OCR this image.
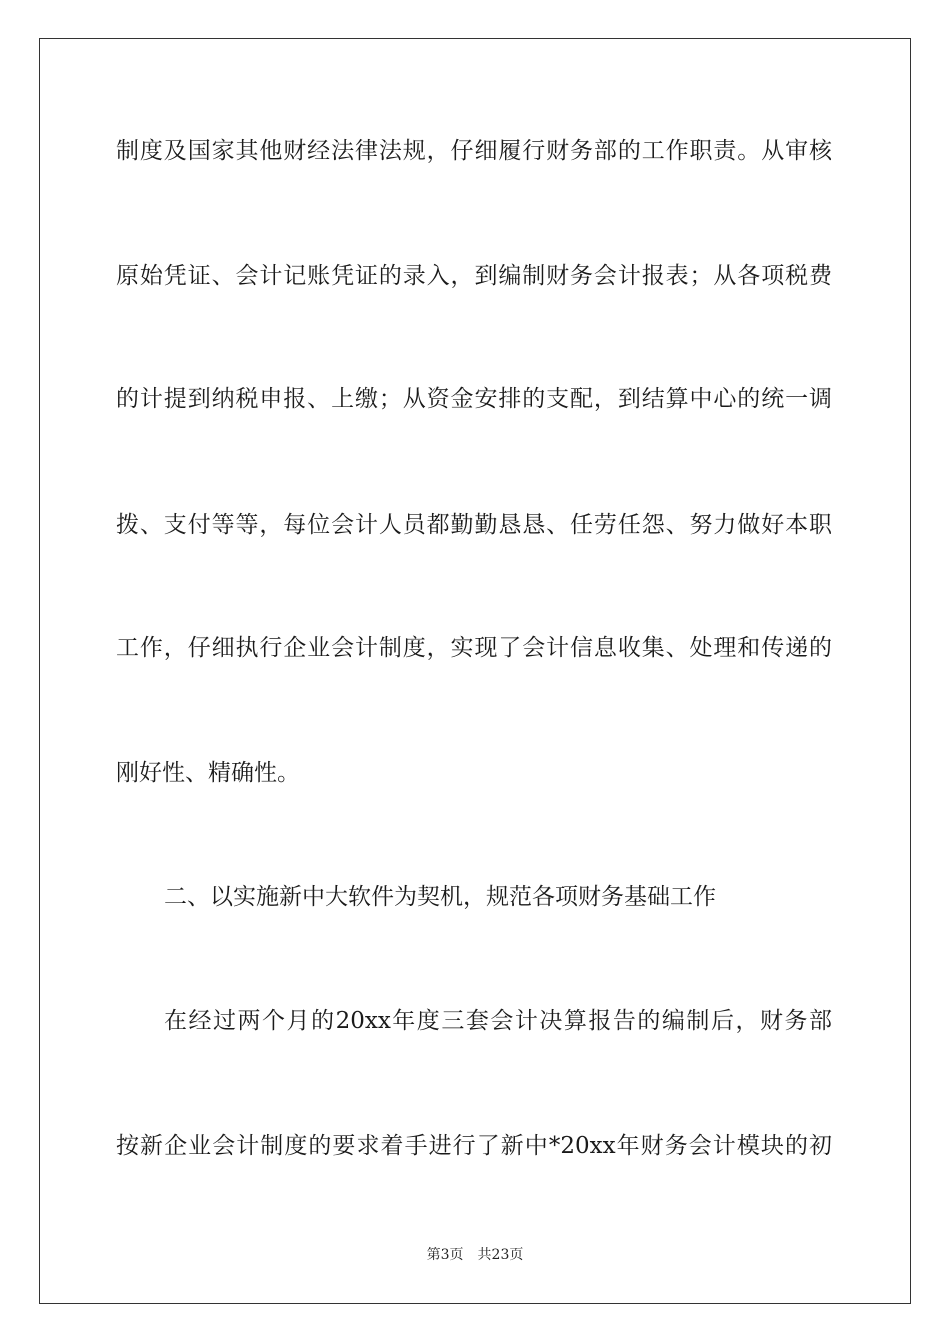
制度及国家其他财经法律法规，仔细履行财务部的工作职责。从审核
原始凭证、会计记账凭证的录入，到编制财务会计报表；从各项税费
的计提到纳税申报、上缴；从资金安排的支配，到结算中心的统一调
拨、支付等等，每位会计人员都勤勤恳恳、任劳任怨、努力做好本职
工作，仔细执行企业会计制度，实现了会计信息收集、处理和传递的
刚好性、精确性。
二、以实施新中大软件为契机，规范各项财务基础工作
在经过两个月的20xx年度三套会计决算报告的编制后，财务部
按新企业会计制度的要求着手进行了新中*20xx年财务会计模块的初
第3页 共23页
